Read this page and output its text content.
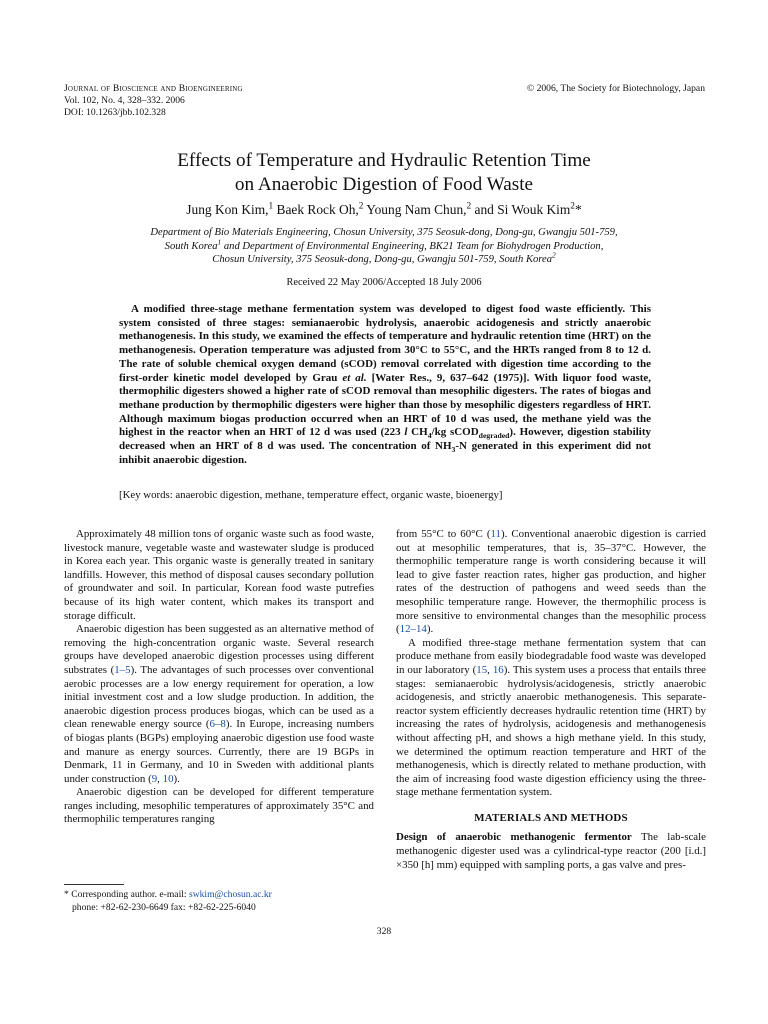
Journal of Bioscience and Bioengineering
Vol. 102, No. 4, 328–332. 2006
DOI: 10.1263/jbb.102.328
© 2006, The Society for Biotechnology, Japan
Effects of Temperature and Hydraulic Retention Time
on Anaerobic Digestion of Food Waste
Jung Kon Kim,$^1$ Baek Rock Oh,$^2$ Young Nam Chun,$^2$ and Si Wouk Kim$^2$*
Department of Bio Materials Engineering, Chosun University, 375 Seosuk-dong, Dong-gu, Gwangju 501-759,
South Korea$^1$ and Department of Environmental Engineering, BK21 Team for Biohydrogen Production,
Chosun University, 375 Seosuk-dong, Dong-gu, Gwangju 501-759, South Korea$^2$
Received 22 May 2006/Accepted 18 July 2006
A modified three-stage methane fermentation system was developed to digest food waste efficiently. This system consisted of three stages: semianaerobic hydrolysis, anaerobic acidogenesis and strictly anaerobic methanogenesis. In this study, we examined the effects of temperature and hydraulic retention time (HRT) on the methanogenesis. Operation temperature was adjusted from 30°C to 55°C, and the HRTs ranged from 8 to 12 d. The rate of soluble chemical oxygen demand (sCOD) removal correlated with digestion time according to the first-order kinetic model developed by Grau et al. [Water Res., 9, 637–642 (1975)]. With liquor food waste, thermophilic digesters showed a higher rate of sCOD removal than mesophilic digesters. The rates of biogas and methane production by thermophilic digesters were higher than those by mesophilic digesters regardless of HRT. Although maximum biogas production occurred when an HRT of 10 d was used, the methane yield was the highest in the reactor when an HRT of 12 d was used (223 l $CH_4/kg$ sCOD$_{degraded}$). However, digestion stability decreased when an HRT of 8 d was used. The concentration of $NH_3-N$ generated in this experiment did not inhibit anaerobic digestion.
[Key words: anaerobic digestion, methane, temperature effect, organic waste, bioenergy]

Approximately 48 million tons of organic waste such as food waste, livestock manure, vegetable waste and wastewater sludge is produced in Korea each year. This organic waste is generally treated in sanitary landfills. However, this method of disposal causes secondary pollution of groundwater and soil. In particular, Korean food waste putrefies because of its high water content, which makes its transport and storage difficult.

Anaerobic digestion has been suggested as an alternative method of removing the high-concentration organic waste. Several research groups have developed anaerobic digestion processes using different substrates (1–5). The advantages of such processes over conventional aerobic processes are a low energy requirement for operation, a low initial investment cost and a low sludge production. In addition, the anaerobic digestion process produces biogas, which can be used as a clean renewable energy source (6–8). In Europe, increasing numbers of biogas plants (BGPs) employing anaerobic digestion use food waste and manure as energy sources. Currently, there are 19 BGPs in Denmark, 11 in Germany, and 10 in Sweden with additional plants under construction (9, 10).

Anaerobic digestion can be developed for different temperature ranges including, mesophilic temperatures of approximately 35°C and thermophilic temperatures ranging

from 55°C to 60°C (11). Conventional anaerobic digestion is carried out at mesophilic temperatures, that is, 35–37°C. However, the thermophilic temperature range is worth considering because it will lead to give faster reaction rates, higher gas production, and higher rates of the destruction of pathogens and weed seeds than the mesophilic temperature range. However, the thermophilic process is more sensitive to environmental changes than the mesophilic process (12–14).

A modified three-stage methane fermentation system that can produce methane from easily biodegradable food waste was developed in our laboratory (15, 16). This system uses a process that entails three stages: semianaerobic hydrolysis/acidogenesis, strictly anaerobic acidogenesis, and strictly anaerobic methanogenesis. This separate-reactor system efficiently decreases hydraulic retention time (HRT) by increasing the rates of hydrolysis, acidogenesis and methanogenesis without affecting pH, and shows a high methane yield. In this study, we determined the optimum reaction temperature and HRT of the methanogenesis, which is directly related to methane production, with the aim of increasing food waste digestion efficiency using the three-stage methane fermentation system.

MATERIALS AND METHODS

Design of anaerobic methanogenic fermentor The lab-scale methanogenic digester used was a cylindrical-type reactor (200 [i.d.] ×350 [h] mm) equipped with sampling ports, a gas valve and pres-

* Corresponding author. e-mail: swkim@chosun.ac.kr
phone: +82-62-230-6649 fax: +82-62-225-6040
328
